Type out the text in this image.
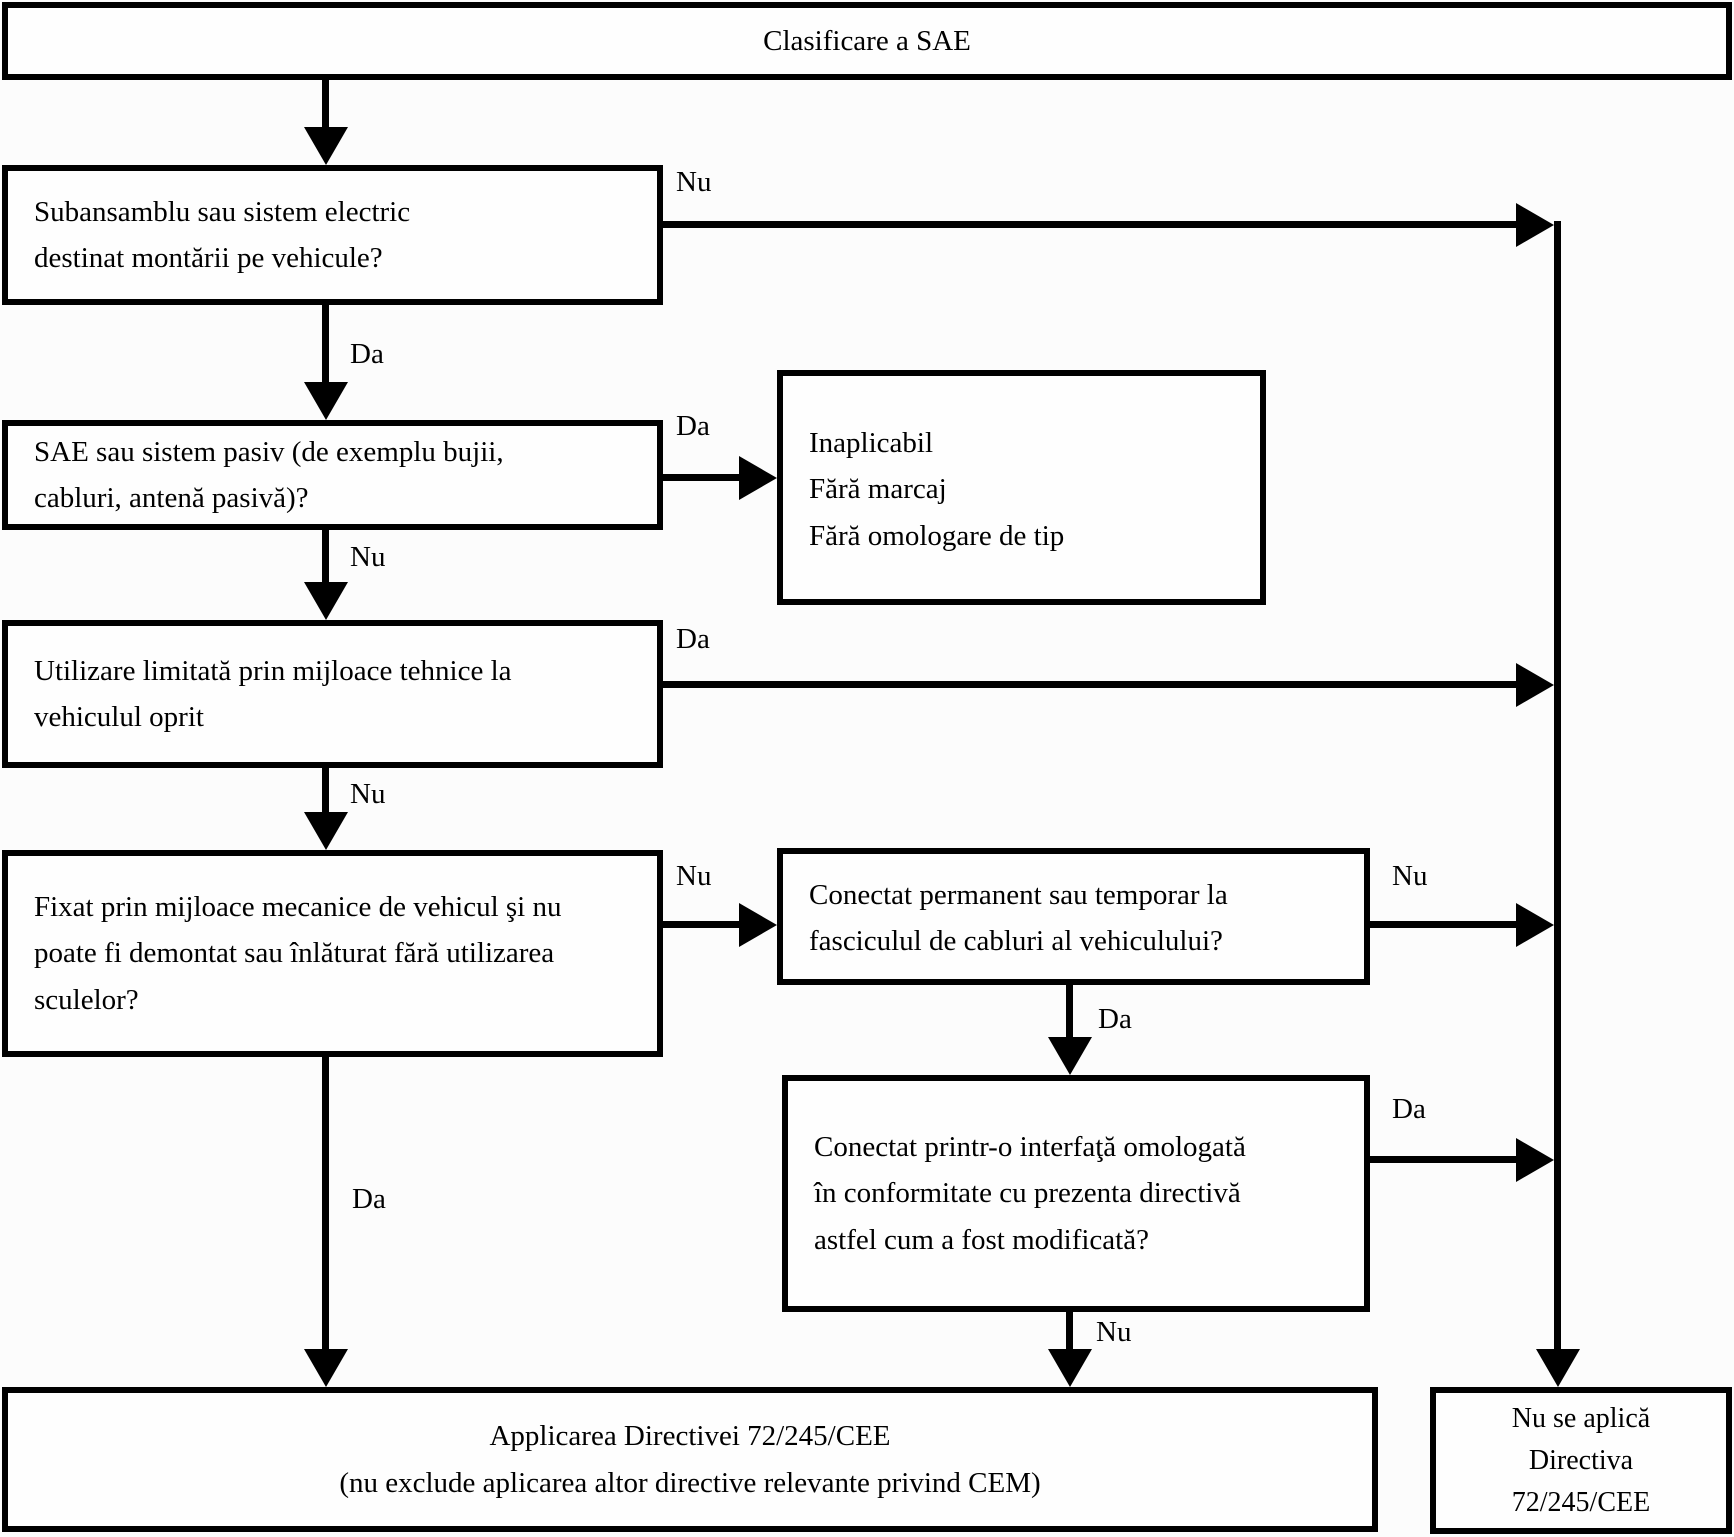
Clasificare a SAE
Subansamblu sau sistem electric
destinat montării pe vehicule?
Nu
Da
SAE sau sistem pasiv (de exemplu bujii,
cabluri, antenă pasivă)?
Da
Inaplicabil
Fără marcaj
Fără omologare de tip
Nu
Utilizare limitată prin mijloace tehnice la
vehiculul oprit
Da
Nu
Fixat prin mijloace mecanice de vehicul şi nu
poate fi demontat sau înlăturat fără utilizarea
sculelor?
Nu
Conectat permanent sau temporar la
fasciculul de cabluri al vehiculului?
Nu
Da
Conectat printr-o interfaţă omologată
în conformitate cu prezenta directivă
astfel cum a fost modificată?
Da
Nu
Da
Applicarea Directivei 72/245/CEE
(nu exclude aplicarea altor directive relevante privind CEM)
Nu se aplică
Directiva
72/245/CEE
